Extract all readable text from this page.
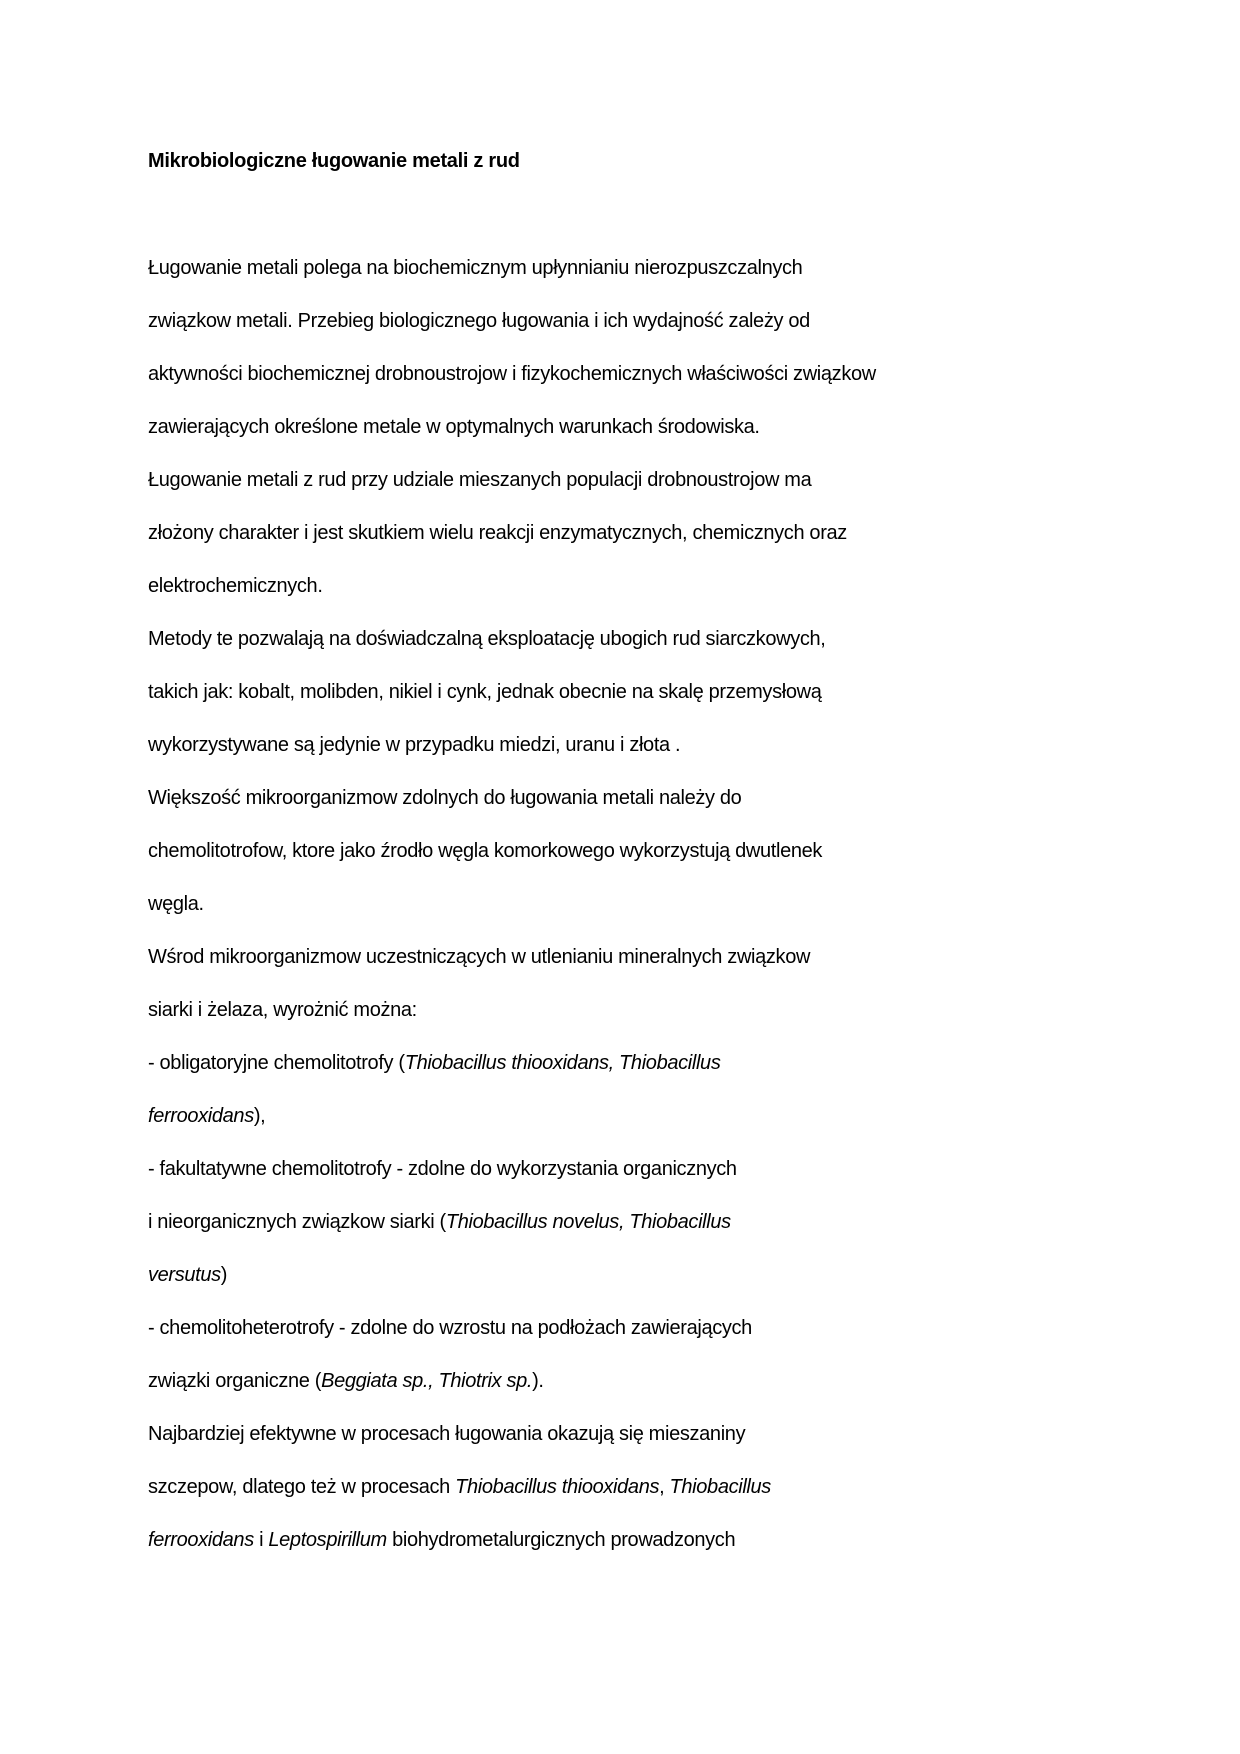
Mikrobiologiczne ługowanie metali z rud
Ługowanie metali polega na biochemicznym upłynnianiu nierozpuszczalnych
związkow metali. Przebieg biologicznego ługowania i ich wydajność zależy od
aktywności biochemicznej drobnoustrojow i fizykochemicznych właściwości związkow
zawierających określone metale w optymalnych warunkach środowiska.
Ługowanie metali z rud przy udziale mieszanych populacji drobnoustrojow ma
złożony charakter i jest skutkiem wielu reakcji enzymatycznych, chemicznych oraz
elektrochemicznych.
Metody te pozwalają na doświadczalną eksploatację ubogich rud siarczkowych,
takich jak: kobalt, molibden, nikiel i cynk, jednak obecnie na skalę przemysłową
wykorzystywane są jedynie w przypadku miedzi, uranu i złota .
Większość mikroorganizmow zdolnych do ługowania metali należy do
chemolitotrofow, ktore jako źrodło węgla komorkowego wykorzystują dwutlenek
węgla.
Wśrod mikroorganizmow uczestniczących w utlenianiu mineralnych związkow
siarki i żelaza, wyrożnić można:
- obligatoryjne chemolitotrofy (Thiobacillus thiooxidans, Thiobacillus
ferrooxidans),
- fakultatywne chemolitotrofy - zdolne do wykorzystania organicznych
i nieorganicznych związkow siarki (Thiobacillus novelus, Thiobacillus
versutus)
- chemolitoheterotrofy - zdolne do wzrostu na podłożach zawierających
związki organiczne (Beggiata sp., Thiotrix sp.).
Najbardziej efektywne w procesach ługowania okazują się mieszaniny
szczepow, dlatego też w procesach Thiobacillus thiooxidans, Thiobacillus
ferrooxidans i Leptospirillum biohydrometalurgicznych prowadzonych
